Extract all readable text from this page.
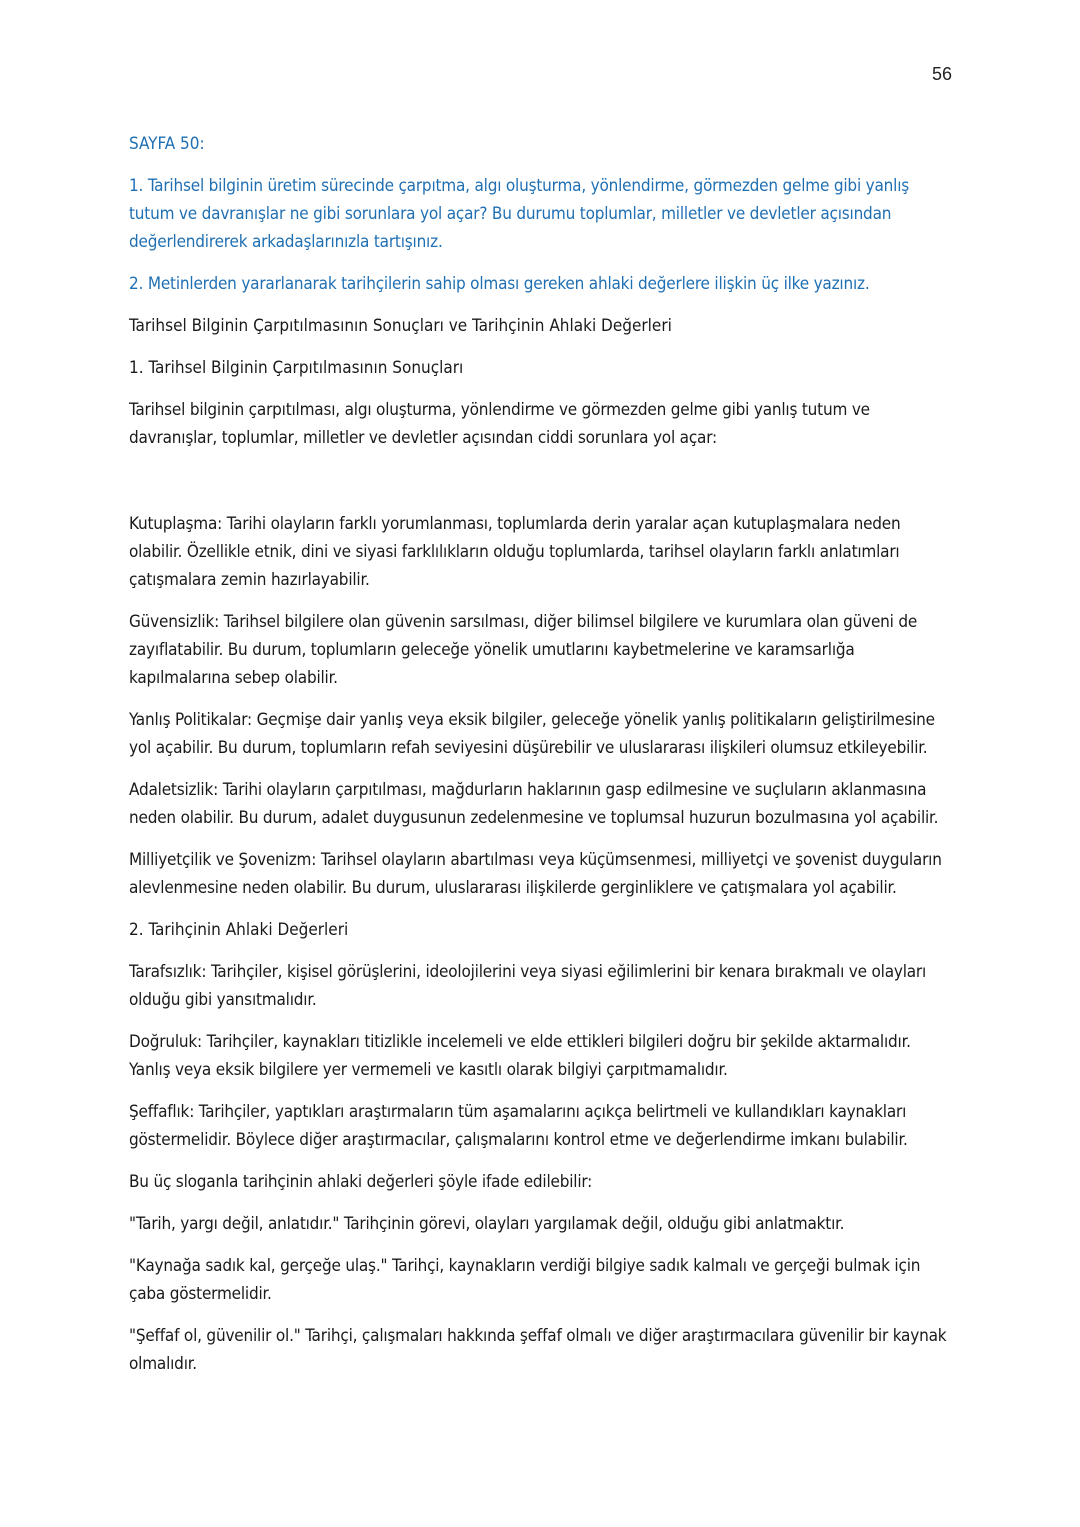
56
SAYFA 50:

1. Tarihsel bilginin üretim sürecinde çarpıtma, algı oluşturma, yönlendirme, görmezden gelme gibi yanlış tutum ve davranışlar ne gibi sorunlara yol açar? Bu durumu toplumlar, milletler ve devletler açısından değerlendirerek arkadaşlarınızla tartışınız.

2. Metinlerden yararlanarak tarihçilerin sahip olması gereken ahlaki değerlere ilişkin üç ilke yazınız.

Tarihsel Bilginin Çarpıtılmasının Sonuçları ve Tarihçinin Ahlaki Değerleri
1. Tarihsel Bilginin Çarpıtılmasının Sonuçları

Tarihsel bilginin çarpıtılması, algı oluşturma, yönlendirme ve görmezden gelme gibi yanlış tutum ve davranışlar, toplumlar, milletler ve devletler açısından ciddi sorunlara yol açar:

Kutuplaşma: Tarihi olayların farklı yorumlanması, toplumlarda derin yaralar açan kutuplaşmalara neden olabilir. Özellikle etnik, dini ve siyasi farklılıkların olduğu toplumlarda, tarihsel olayların farklı anlatımları çatışmalara zemin hazırlayabilir.

Güvensizlik: Tarihsel bilgilere olan güvenin sarsılması, diğer bilimsel bilgilere ve kurumlara olan güveni de zayıflatabilir. Bu durum, toplumların geleceğe yönelik umutlarını kaybetmelerine ve karamsarlığa kapılmalarına sebep olabilir.

Yanlış Politikalar: Geçmişe dair yanlış veya eksik bilgiler, geleceğe yönelik yanlış politikaların geliştirilmesine yol açabilir. Bu durum, toplumların refah seviyesini düşürebilir ve uluslararası ilişkileri olumsuz etkileyebilir.

Adaletsizlik: Tarihi olayların çarpıtılması, mağdurların haklarının gasp edilmesine ve suçluların aklanmasına neden olabilir. Bu durum, adalet duygusunun zedelenmesine ve toplumsal huzurun bozulmasına yol açabilir.

Milliyetçilik ve Şovenizm: Tarihsel olayların abartılması veya küçümsenmesi, milliyetçi ve şovenist duyguların alevlenmesine neden olabilir. Bu durum, uluslararası ilişkilerde gerginliklere ve çatışmalara yol açabilir.

2. Tarihçinin Ahlaki Değerleri

Tarafsızlık: Tarihçiler, kişisel görüşlerini, ideolojilerini veya siyasi eğilimlerini bir kenara bırakmalı ve olayları olduğu gibi yansıtmalıdır.

Doğruluk: Tarihçiler, kaynakları titizlikle incelemeli ve elde ettikleri bilgileri doğru bir şekilde aktarmalıdır. Yanlış veya eksik bilgilere yer vermemeli ve kasıtlı olarak bilgiyi çarpıtmamalıdır.

Şeffaflık: Tarihçiler, yaptıkları araştırmaların tüm aşamalarını açıkça belirtmeli ve kullandıkları kaynakları göstermelidir. Böylece diğer araştırmacılar, çalışmalarını kontrol etme ve değerlendirme imkanı bulabilir.

Bu üç sloganla tarihçinin ahlaki değerleri şöyle ifade edilebilir:

"Tarih, yargı değil, anlatıdır." Tarihçinin görevi, olayları yargılamak değil, olduğu gibi anlatmaktır.

"Kaynağa sadık kal, gerçeğe ulaş." Tarihçi, kaynakların verdiği bilgiye sadık kalmalı ve gerçeği bulmak için çaba göstermelidir.

"Şeffaf ol, güvenilir ol." Tarihçi, çalışmaları hakkında şeffaf olmalı ve diğer araştırmacılara güvenilir bir kaynak olmalıdır.
